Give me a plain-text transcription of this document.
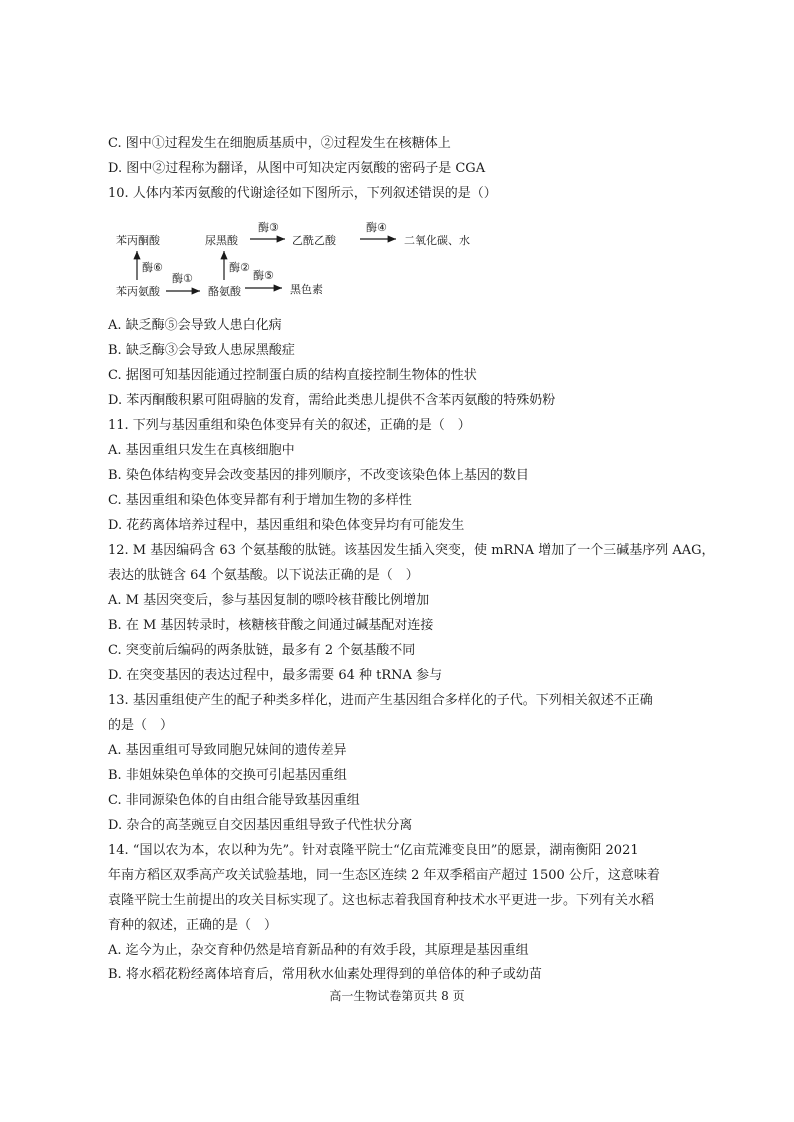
C. 图中①过程发生在细胞质基质中，②过程发生在核糖体上
D. 图中②过程称为翻译，从图中可知决定丙氨酸的密码子是 CGA
10. 人体内苯丙氨酸的代谢途径如下图所示，下列叙述错误的是（）
苯丙酮酸	尿黑酸	乙酰乙酸	二氧化碳、水
苯丙氨酸	酪氨酸	黑色素
酶⑥
酶①
酶②
酶⑤
酶③	酶④
A. 缺乏酶⑤会导致人患白化病
B. 缺乏酶③会导致人患尿黑酸症
C. 据图可知基因能通过控制蛋白质的结构直接控制生物体的性状
D. 苯丙酮酸积累可阻碍脑的发育，需给此类患儿提供不含苯丙氨酸的特殊奶粉
11. 下列与基因重组和染色体变异有关的叙述，正确的是（　）
A. 基因重组只发生在真核细胞中
B. 染色体结构变异会改变基因的排列顺序，不改变该染色体上基因的数目
C. 基因重组和染色体变异都有利于增加生物的多样性
D. 花药离体培养过程中，基因重组和染色体变异均有可能发生
12. M 基因编码含 63 个氨基酸的肽链。该基因发生插入突变，使 mRNA 增加了一个三碱基序列 AAG，
表达的肽链含 64 个氨基酸。以下说法正确的是（　）
A. M 基因突变后，参与基因复制的嘌呤核苷酸比例增加
B. 在 M 基因转录时，核糖核苷酸之间通过碱基配对连接
C. 突变前后编码的两条肽链，最多有 2 个氨基酸不同
D. 在突变基因的表达过程中，最多需要 64 种 tRNA 参与
13. 基因重组使产生的配子种类多样化，进而产生基因组合多样化的子代。下列相关叙述不正确
的是（　）
A. 基因重组可导致同胞兄妹间的遗传差异
B. 非姐妹染色单体的交换可引起基因重组
C. 非同源染色体的自由组合能导致基因重组
D. 杂合的高茎豌豆自交因基因重组导致子代性状分离
14. “国以农为本，农以种为先”。针对袁隆平院士“亿亩荒滩变良田”的愿景，湖南衡阳 2021
年南方稻区双季高产攻关试验基地，同一生态区连续 2 年双季稻亩产超过 1500 公斤，这意味着
袁隆平院士生前提出的攻关目标实现了。这也标志着我国育种技术水平更进一步。下列有关水稻
育种的叙述，正确的是（　）
A. 迄今为止，杂交育种仍然是培育新品种的有效手段，其原理是基因重组
B. 将水稻花粉经离体培育后，常用秋水仙素处理得到的单倍体的种子或幼苗
高一生物试卷第页共 8 页
